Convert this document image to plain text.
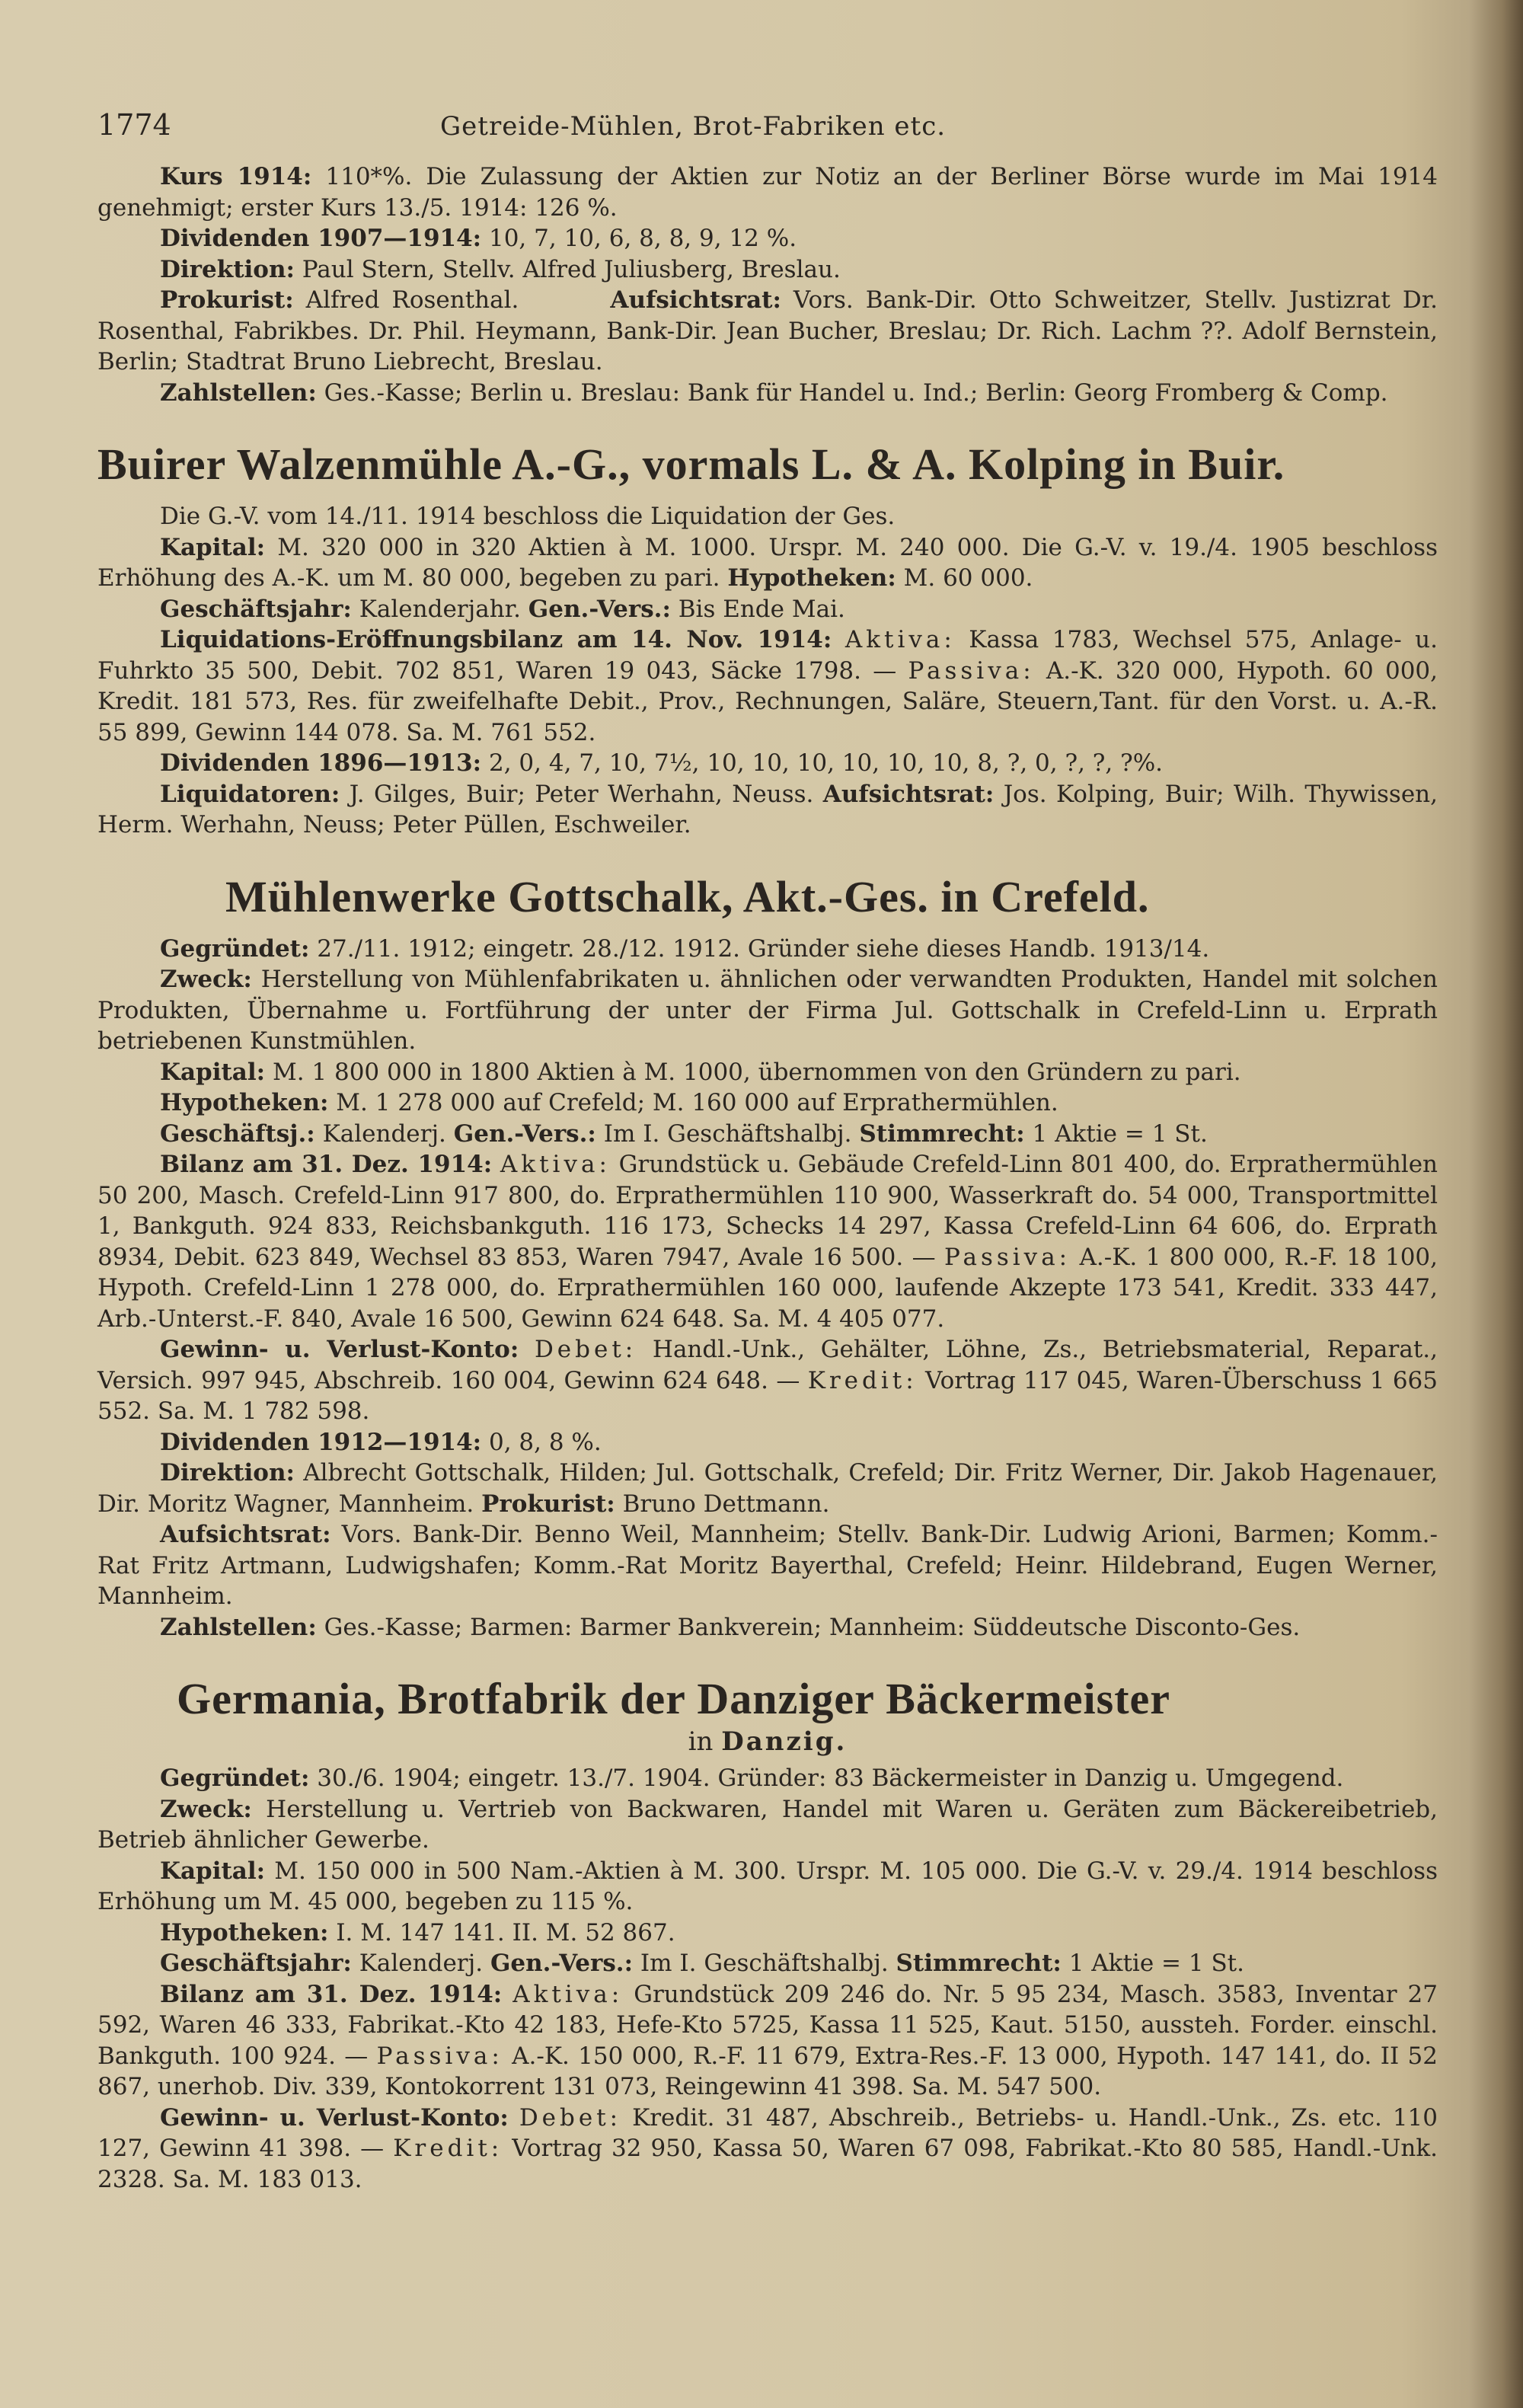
1774	Getreide-Mühlen, Brot-Fabriken etc.

Kurs 1914: 110*%. Die Zulassung der Aktien zur Notiz an der Berliner Börse wurde im Mai 1914 genehmigt; erster Kurs 13./5. 1914: 126 %.

Dividenden 1907—1914: 10, 7, 10, 6, 8, 8, 9, 12 %.

Direktion: Paul Stern, Stellv. Alfred Juliusberg, Breslau.

Prokurist: Alfred Rosenthal.	Aufsichtsrat: Vors. Bank-Dir. Otto Schweitzer, Stellv. Justizrat Dr. Rosenthal, Fabrikbes. Dr. Phil. Heymann, Bank-Dir. Jean Bucher, Breslau; Dr. Rich. Lachm ??. Adolf Bernstein, Berlin; Stadtrat Bruno Liebrecht, Breslau.

Zahlstellen: Ges.-Kasse; Berlin u. Breslau: Bank für Handel u. Ind.; Berlin: Georg Fromberg & Comp.

Buirer Walzenmühle A.-G., vormals L. & A. Kolping in Buir.

Die G.-V. vom 14./11. 1914 beschloss die Liquidation der Ges.

Kapital: M. 320 000 in 320 Aktien à M. 1000. Urspr. M. 240 000. Die G.-V. v. 19./4. 1905 beschloss Erhöhung des A.-K. um M. 80 000, begeben zu pari. Hypotheken: M. 60 000.

Geschäftsjahr: Kalenderjahr. Gen.-Vers.: Bis Ende Mai.

Liquidations-Eröffnungsbilanz am 14. Nov. 1914: Aktiva: Kassa 1783, Wechsel 575, Anlage- u. Fuhrkto 35 500, Debit. 702 851, Waren 19 043, Säcke 1798. — Passiva: A.-K. 320 000, Hypoth. 60 000, Kredit. 181 573, Res. für zweifelhafte Debit., Prov., Rechnungen, Saläre, Steuern,Tant. für den Vorst. u. A.-R. 55 899, Gewinn 144 078. Sa. M. 761 552.

Dividenden 1896—1913: 2, 0, 4, 7, 10, 7½, 10, 10, 10, 10, 10, 10, 8, ?, 0, ?, ?, ?%.

Liquidatoren: J. Gilges, Buir; Peter Werhahn, Neuss. Aufsichtsrat: Jos. Kolping, Buir; Wilh. Thywissen, Herm. Werhahn, Neuss; Peter Püllen, Eschweiler.

Mühlenwerke Gottschalk, Akt.-Ges. in Crefeld.

Gegründet: 27./11. 1912; eingetr. 28./12. 1912. Gründer siehe dieses Handb. 1913/14.

Zweck: Herstellung von Mühlenfabrikaten u. ähnlichen oder verwandten Produkten, Handel mit solchen Produkten, Übernahme u. Fortführung der unter der Firma Jul. Gottschalk in Crefeld-Linn u. Erprath betriebenen Kunstmühlen.

Kapital: M. 1 800 000 in 1800 Aktien à M. 1000, übernommen von den Gründern zu pari.

Hypotheken: M. 1 278 000 auf Crefeld; M. 160 000 auf Erprathermühlen.

Geschäftsj.: Kalenderj. Gen.-Vers.: Im I. Geschäftshalbj. Stimmrecht: 1 Aktie = 1 St.

Bilanz am 31. Dez. 1914: Aktiva: Grundstück u. Gebäude Crefeld-Linn 801 400, do. Erprathermühlen 50 200, Masch. Crefeld-Linn 917 800, do. Erprathermühlen 110 900, Wasserkraft do. 54 000, Transportmittel 1, Bankguth. 924 833, Reichsbankguth. 116 173, Schecks 14 297, Kassa Crefeld-Linn 64 606, do. Erprath 8934, Debit. 623 849, Wechsel 83 853, Waren 7947, Avale 16 500. — Passiva: A.-K. 1 800 000, R.-F. 18 100, Hypoth. Crefeld-Linn 1 278 000, do. Erprathermühlen 160 000, laufende Akzepte 173 541, Kredit. 333 447, Arb.-Unterst.-F. 840, Avale 16 500, Gewinn 624 648. Sa. M. 4 405 077.

Gewinn- u. Verlust-Konto: Debet: Handl.-Unk., Gehälter, Löhne, Zs., Betriebsmaterial, Reparat., Versich. 997 945, Abschreib. 160 004, Gewinn 624 648. — Kredit: Vortrag 117 045, Waren-Überschuss 1 665 552. Sa. M. 1 782 598.

Dividenden 1912—1914: 0, 8, 8 %.

Direktion: Albrecht Gottschalk, Hilden; Jul. Gottschalk, Crefeld; Dir. Fritz Werner, Dir. Jakob Hagenauer, Dir. Moritz Wagner, Mannheim. Prokurist: Bruno Dettmann.

Aufsichtsrat: Vors. Bank-Dir. Benno Weil, Mannheim; Stellv. Bank-Dir. Ludwig Arioni, Barmen; Komm.-Rat Fritz Artmann, Ludwigshafen; Komm.-Rat Moritz Bayerthal, Crefeld; Heinr. Hildebrand, Eugen Werner, Mannheim.

Zahlstellen: Ges.-Kasse; Barmen: Barmer Bankverein; Mannheim: Süddeutsche Disconto-Ges.

Germania, Brotfabrik der Danziger Bäckermeister

in Danzig.

Gegründet: 30./6. 1904; eingetr. 13./7. 1904. Gründer: 83 Bäckermeister in Danzig u. Umgegend.

Zweck: Herstellung u. Vertrieb von Backwaren, Handel mit Waren u. Geräten zum Bäckereibetrieb, Betrieb ähnlicher Gewerbe.

Kapital: M. 150 000 in 500 Nam.-Aktien à M. 300. Urspr. M. 105 000. Die G.-V. v. 29./4. 1914 beschloss Erhöhung um M. 45 000, begeben zu 115 %.

Hypotheken: I. M. 147 141. II. M. 52 867.

Geschäftsjahr: Kalenderj. Gen.-Vers.: Im I. Geschäftshalbj. Stimmrecht: 1 Aktie = 1 St.

Bilanz am 31. Dez. 1914: Aktiva: Grundstück 209 246 do. Nr. 5 95 234, Masch. 3583, Inventar 27 592, Waren 46 333, Fabrikat.-Kto 42 183, Hefe-Kto 5725, Kassa 11 525, Kaut. 5150, aussteh. Forder. einschl. Bankguth. 100 924. — Passiva: A.-K. 150 000, R.-F. 11 679, Extra-Res.-F. 13 000, Hypoth. 147 141, do. II 52 867, unerhob. Div. 339, Kontokorrent 131 073, Reingewinn 41 398. Sa. M. 547 500.

Gewinn- u. Verlust-Konto: Debet: Kredit. 31 487, Abschreib., Betriebs- u. Handl.-Unk., Zs. etc. 110 127, Gewinn 41 398. — Kredit: Vortrag 32 950, Kassa 50, Waren 67 098, Fabrikat.-Kto 80 585, Handl.-Unk. 2328. Sa. M. 183 013.
